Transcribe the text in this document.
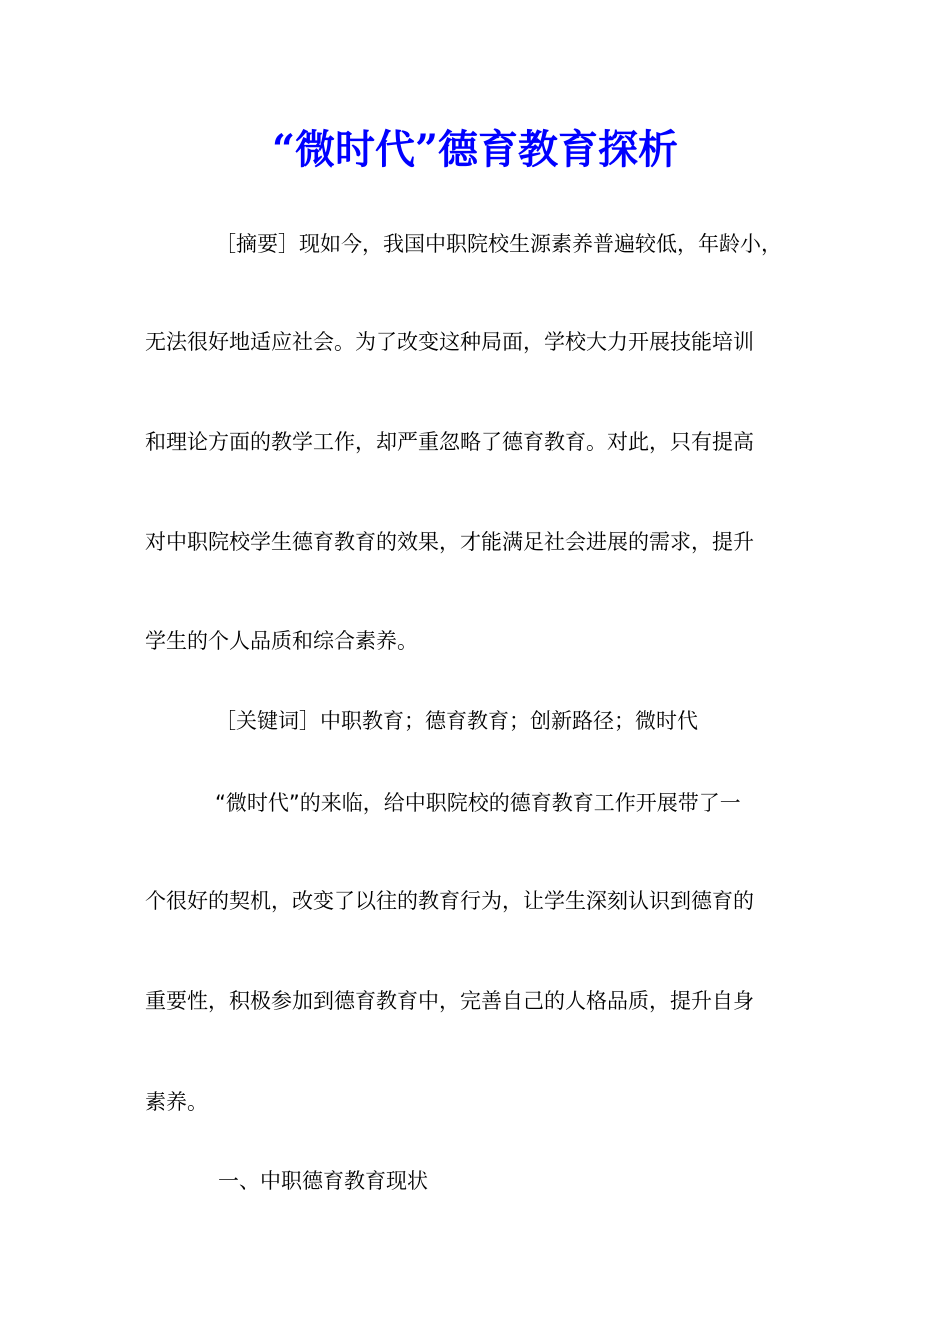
“微时代”德育教育探析
［摘要］现如今，我国中职院校生源素养普遍较低，年龄小，
无法很好地适应社会。为了改变这种局面，学校大力开展技能培训
和理论方面的教学工作，却严重忽略了德育教育。对此，只有提高
对中职院校学生德育教育的效果，才能满足社会进展的需求，提升
学生的个人品质和综合素养。
［关键词］中职教育；德育教育；创新路径；微时代
“微时代”的来临，给中职院校的德育教育工作开展带了一
个很好的契机，改变了以往的教育行为，让学生深刻认识到德育的
重要性，积极参加到德育教育中，完善自己的人格品质，提升自身
素养。
一、中职德育教育现状
